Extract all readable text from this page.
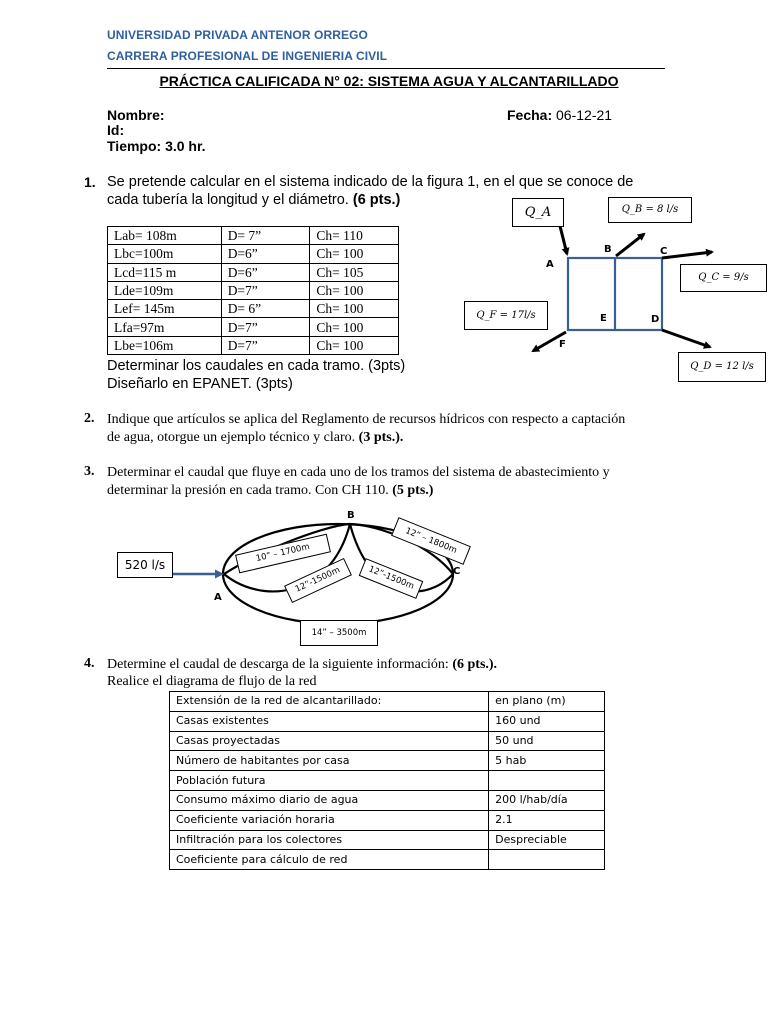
UNIVERSIDAD PRIVADA ANTENOR ORREGO
CARRERA PROFESIONAL DE INGENIERIA CIVIL
PRÁCTICA CALIFICADA N° 02: SISTEMA AGUA Y ALCANTARILLADO
Nombre:
Id:
Tiempo: 3.0 hr.
Fecha: 06-12-21
1. Se pretende calcular en el sistema indicado de la figura 1, en el que se conoce de
cada tubería la longitud y el diámetro. (6 pts.)
Lab= 108m	D= 7”	Ch= 110
Lbc=100m	D=6”	Ch= 100
Lcd=115 m	D=6”	Ch= 105
Lde=109m	D=7”	Ch= 100
Lef= 145m	D= 6”	Ch= 100
Lfa=97m	D=7”	Ch= 100
Lbe=106m	D=7”	Ch= 100
Determinar los caudales en cada tramo. (3pts)
Diseñarlo en EPANET. (3pts)
Q_A	Q_B = 8 l/s
Q_C = 9/s
Q_D = 12 l/s
Q_F = 17l/s
A
B	C
D
E
F
2. Indique que artículos se aplica del Reglamento de recursos hídricos con respecto a captación
de agua, otorgue un ejemplo técnico y claro. (3 pts.).
3. Determinar el caudal que fluye en cada uno de los tramos del sistema de abastecimiento y
determinar la presión en cada tramo. Con CH 110. (5 pts.)
520 l/s
10” – 1700m
12”-1500m	12”-1500m
12” – 1800m
14” – 3500m
A
B
C
4. Determine el caudal de descarga de la siguiente información: (6 pts.).
Realice el diagrama de flujo de la red
Extensión de la red de alcantarillado:	en plano (m)
Casas existentes	160 und
Casas proyectadas	50 und
Número de habitantes por casa	5 hab
Población futura	
Consumo máximo diario de agua	200 l/hab/día
Coeficiente variación horaria	2.1
Infiltración para los colectores	Despreciable
Coeficiente para cálculo de red	
